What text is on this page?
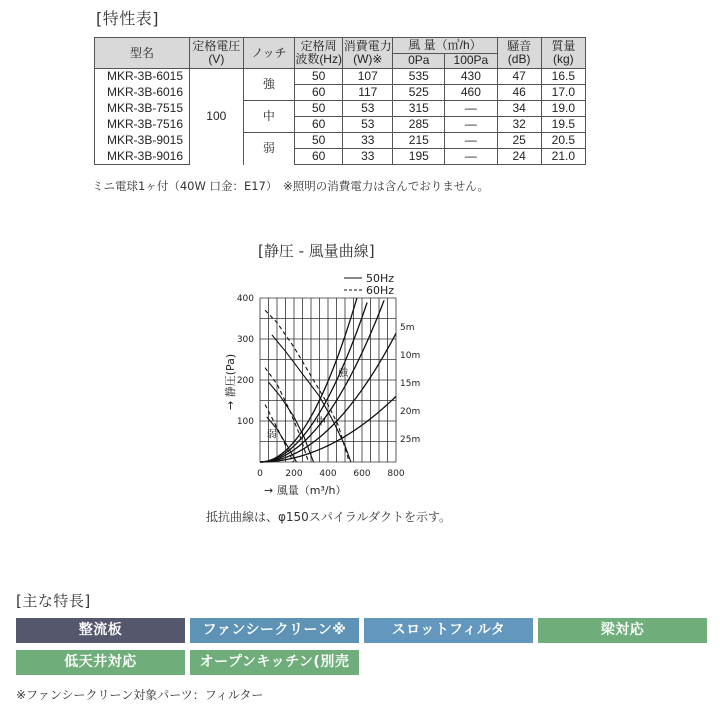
[特性表]
型名	定格電圧(V)	ノッチ	定格周波数(Hz)	消費電力(W)※	風 量（㎥/h）		騒音(dB)	質量(kg)
					0Pa	100Pa		
MKR-3B-6015	100	強	50	107	535	430	47	16.5
MKR-3B-6016			60	117	525	460	46	17.0
MKR-3B-7515		中	50	53	315	—	34	19.0
MKR-3B-7516			60	53	285	—	32	19.5
MKR-3B-9015		弱	50	33	215	—	25	20.5
MKR-3B-9016			60	33	195	—	24	21.0
ミニ電球1ヶ付（40W 口金：E17）　※照明の消費電力は含んでおりません。
[静圧 - 風量曲線]
0	200 400 600 800
100
200
300
400
25m
20m
15m
10m
5m
強
中
弱
50Hz
60Hz
→ 静圧(Pa)
→ 風量（m³/h）
抵抗曲線は、φ150スパイラルダクトを示す。
[主な特長]
整流板	ファンシークリーン※	スロットフィルタ	梁対応
低天井対応	オープンキッチン(別売品)
※ファンシークリーン対象パーツ：フィルター
